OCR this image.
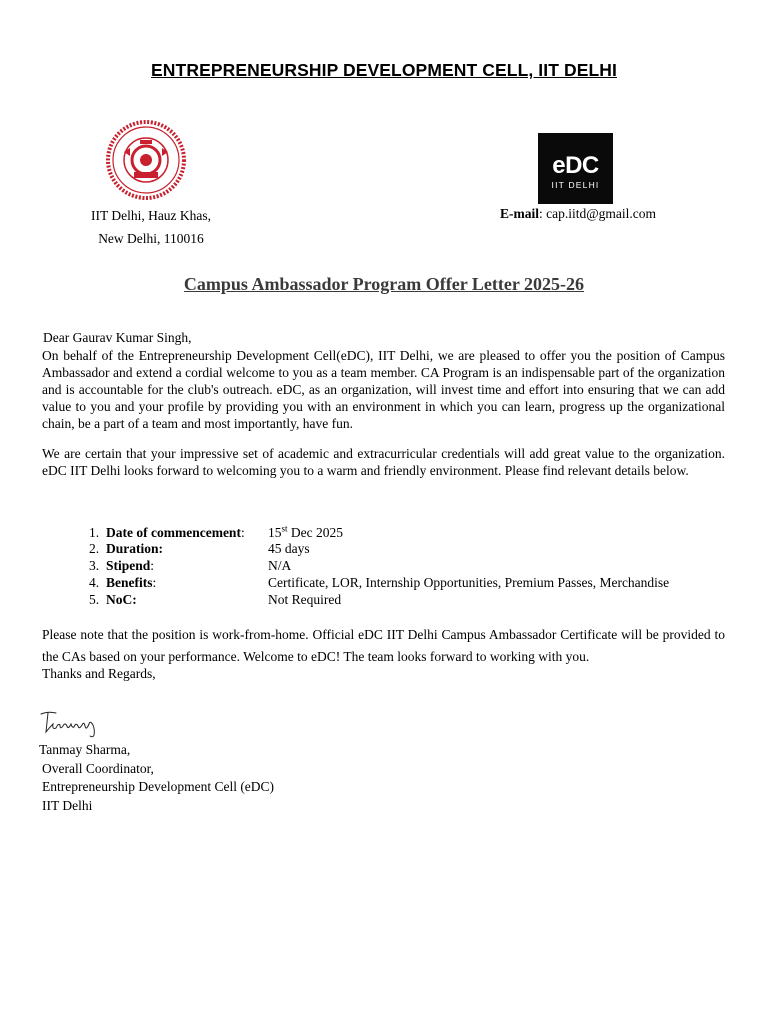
ENTREPRENEURSHIP DEVELOPMENT CELL, IIT DELHI
eDC
IIT DELHI
IIT Delhi, Hauz Khas,
New Delhi, 110016
E-mail: cap.iitd@gmail.com
Campus Ambassador Program Offer Letter 2025-26
Dear Gaurav Kumar Singh,
On behalf of the Entrepreneurship Development Cell(eDC), IIT Delhi, we are pleased to offer you the position of Campus Ambassador and extend a cordial welcome to you as a team member. CA Program is an indispensable part of the organization and is accountable for the club's outreach. eDC, as an organization, will invest time and effort into ensuring that we can add value to you and your profile by providing you with an environment in which you can learn, progress up the organizational chain, be a part of a team and most importantly, have fun.
We are certain that your impressive set of academic and extracurricular credentials will add great value to the organization. eDC IIT Delhi looks forward to welcoming you to a warm and friendly environment. Please find relevant details below.
1. Date of commencement:	15st Dec 2025
2. Duration:	45 days
3. Stipend:	N/A
4. Benefits:	Certificate, LOR, Internship Opportunities, Premium Passes, Merchandise
5. NoC:	Not Required
Please note that the position is work-from-home. Official eDC IIT Delhi Campus Ambassador Certificate will be provided to the CAs based on your performance. Welcome to eDC! The team looks forward to working with you.
Thanks and Regards,
Tanmay Sharma,
Overall Coordinator,
Entrepreneurship Development Cell (eDC)
IIT Delhi
